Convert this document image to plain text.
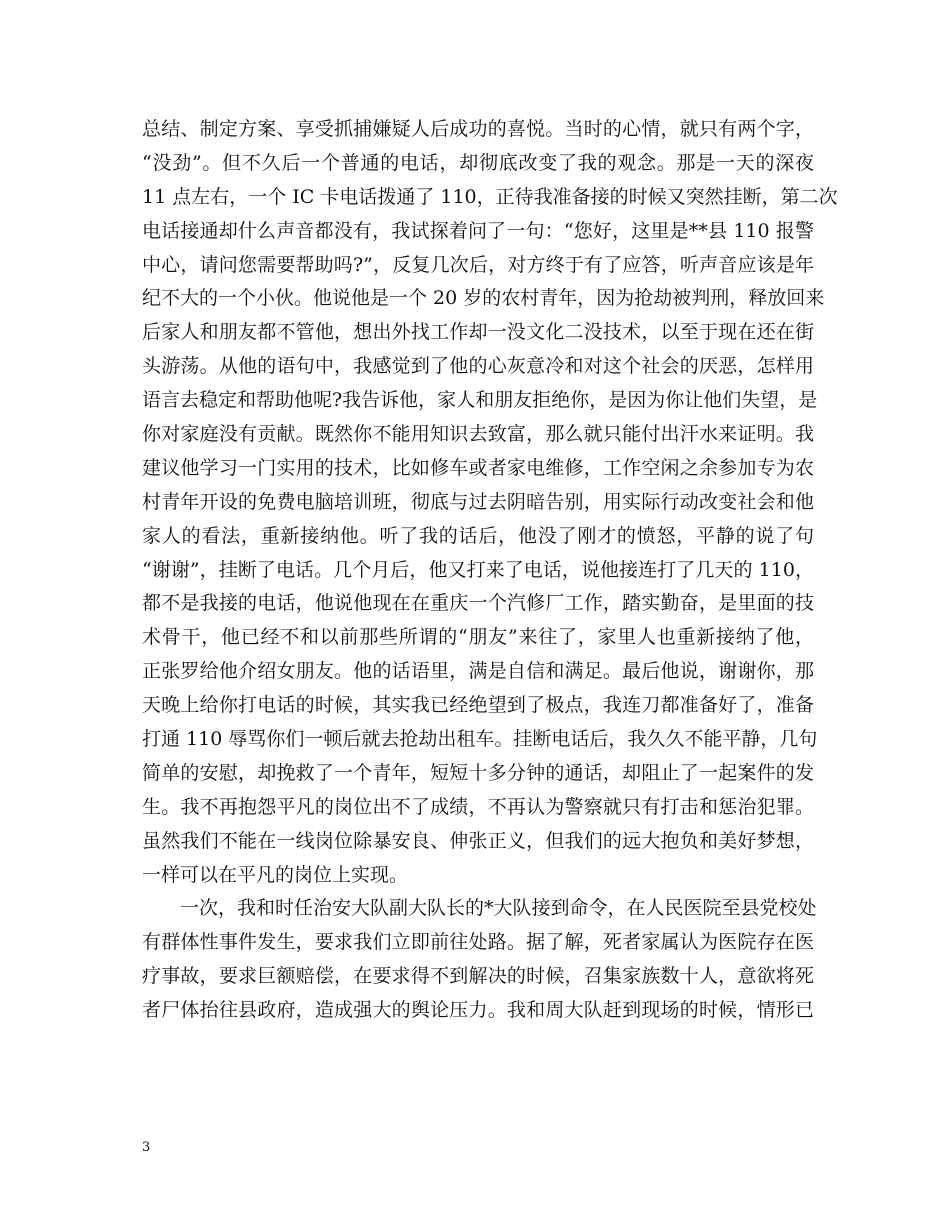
总结、制定方案、享受抓捕嫌疑人后成功的喜悦。当时的心情，就只有两个字，
“没劲”。但不久后一个普通的电话，却彻底改变了我的观念。那是一天的深夜
11 点左右，一个 IC 卡电话拨通了 110，正待我准备接的时候又突然挂断，第二次
电话接通却什么声音都没有，我试探着问了一句：“您好，这里是**县 110 报警
中心，请问您需要帮助吗?”，反复几次后，对方终于有了应答，听声音应该是年
纪不大的一个小伙。他说他是一个 20 岁的农村青年，因为抢劫被判刑，释放回来
后家人和朋友都不管他，想出外找工作却一没文化二没技术，以至于现在还在街
头游荡。从他的语句中，我感觉到了他的心灰意冷和对这个社会的厌恶，怎样用
语言去稳定和帮助他呢?我告诉他，家人和朋友拒绝你，是因为你让他们失望，是
你对家庭没有贡献。既然你不能用知识去致富，那么就只能付出汗水来证明。我
建议他学习一门实用的技术，比如修车或者家电维修，工作空闲之余参加专为农
村青年开设的免费电脑培训班，彻底与过去阴暗告别，用实际行动改变社会和他
家人的看法，重新接纳他。听了我的话后，他没了刚才的愤怒，平静的说了句
“谢谢”，挂断了电话。几个月后，他又打来了电话，说他接连打了几天的 110，
都不是我接的电话，他说他现在在重庆一个汽修厂工作，踏实勤奋，是里面的技
术骨干，他已经不和以前那些所谓的“朋友”来往了，家里人也重新接纳了他，
正张罗给他介绍女朋友。他的话语里，满是自信和满足。最后他说，谢谢你，那
天晚上给你打电话的时候，其实我已经绝望到了极点，我连刀都准备好了，准备
打通 110 辱骂你们一顿后就去抢劫出租车。挂断电话后，我久久不能平静，几句
简单的安慰，却挽救了一个青年，短短十多分钟的通话，却阻止了一起案件的发
生。我不再抱怨平凡的岗位出不了成绩，不再认为警察就只有打击和惩治犯罪。
虽然我们不能在一线岗位除暴安良、伸张正义，但我们的远大抱负和美好梦想，
一样可以在平凡的岗位上实现。
一次，我和时任治安大队副大队长的*大队接到命令，在人民医院至县党校处
有群体性事件发生，要求我们立即前往处路。据了解，死者家属认为医院存在医
疗事故，要求巨额赔偿，在要求得不到解决的时候，召集家族数十人，意欲将死
者尸体抬往县政府，造成强大的舆论压力。我和周大队赶到现场的时候，情形已
3
